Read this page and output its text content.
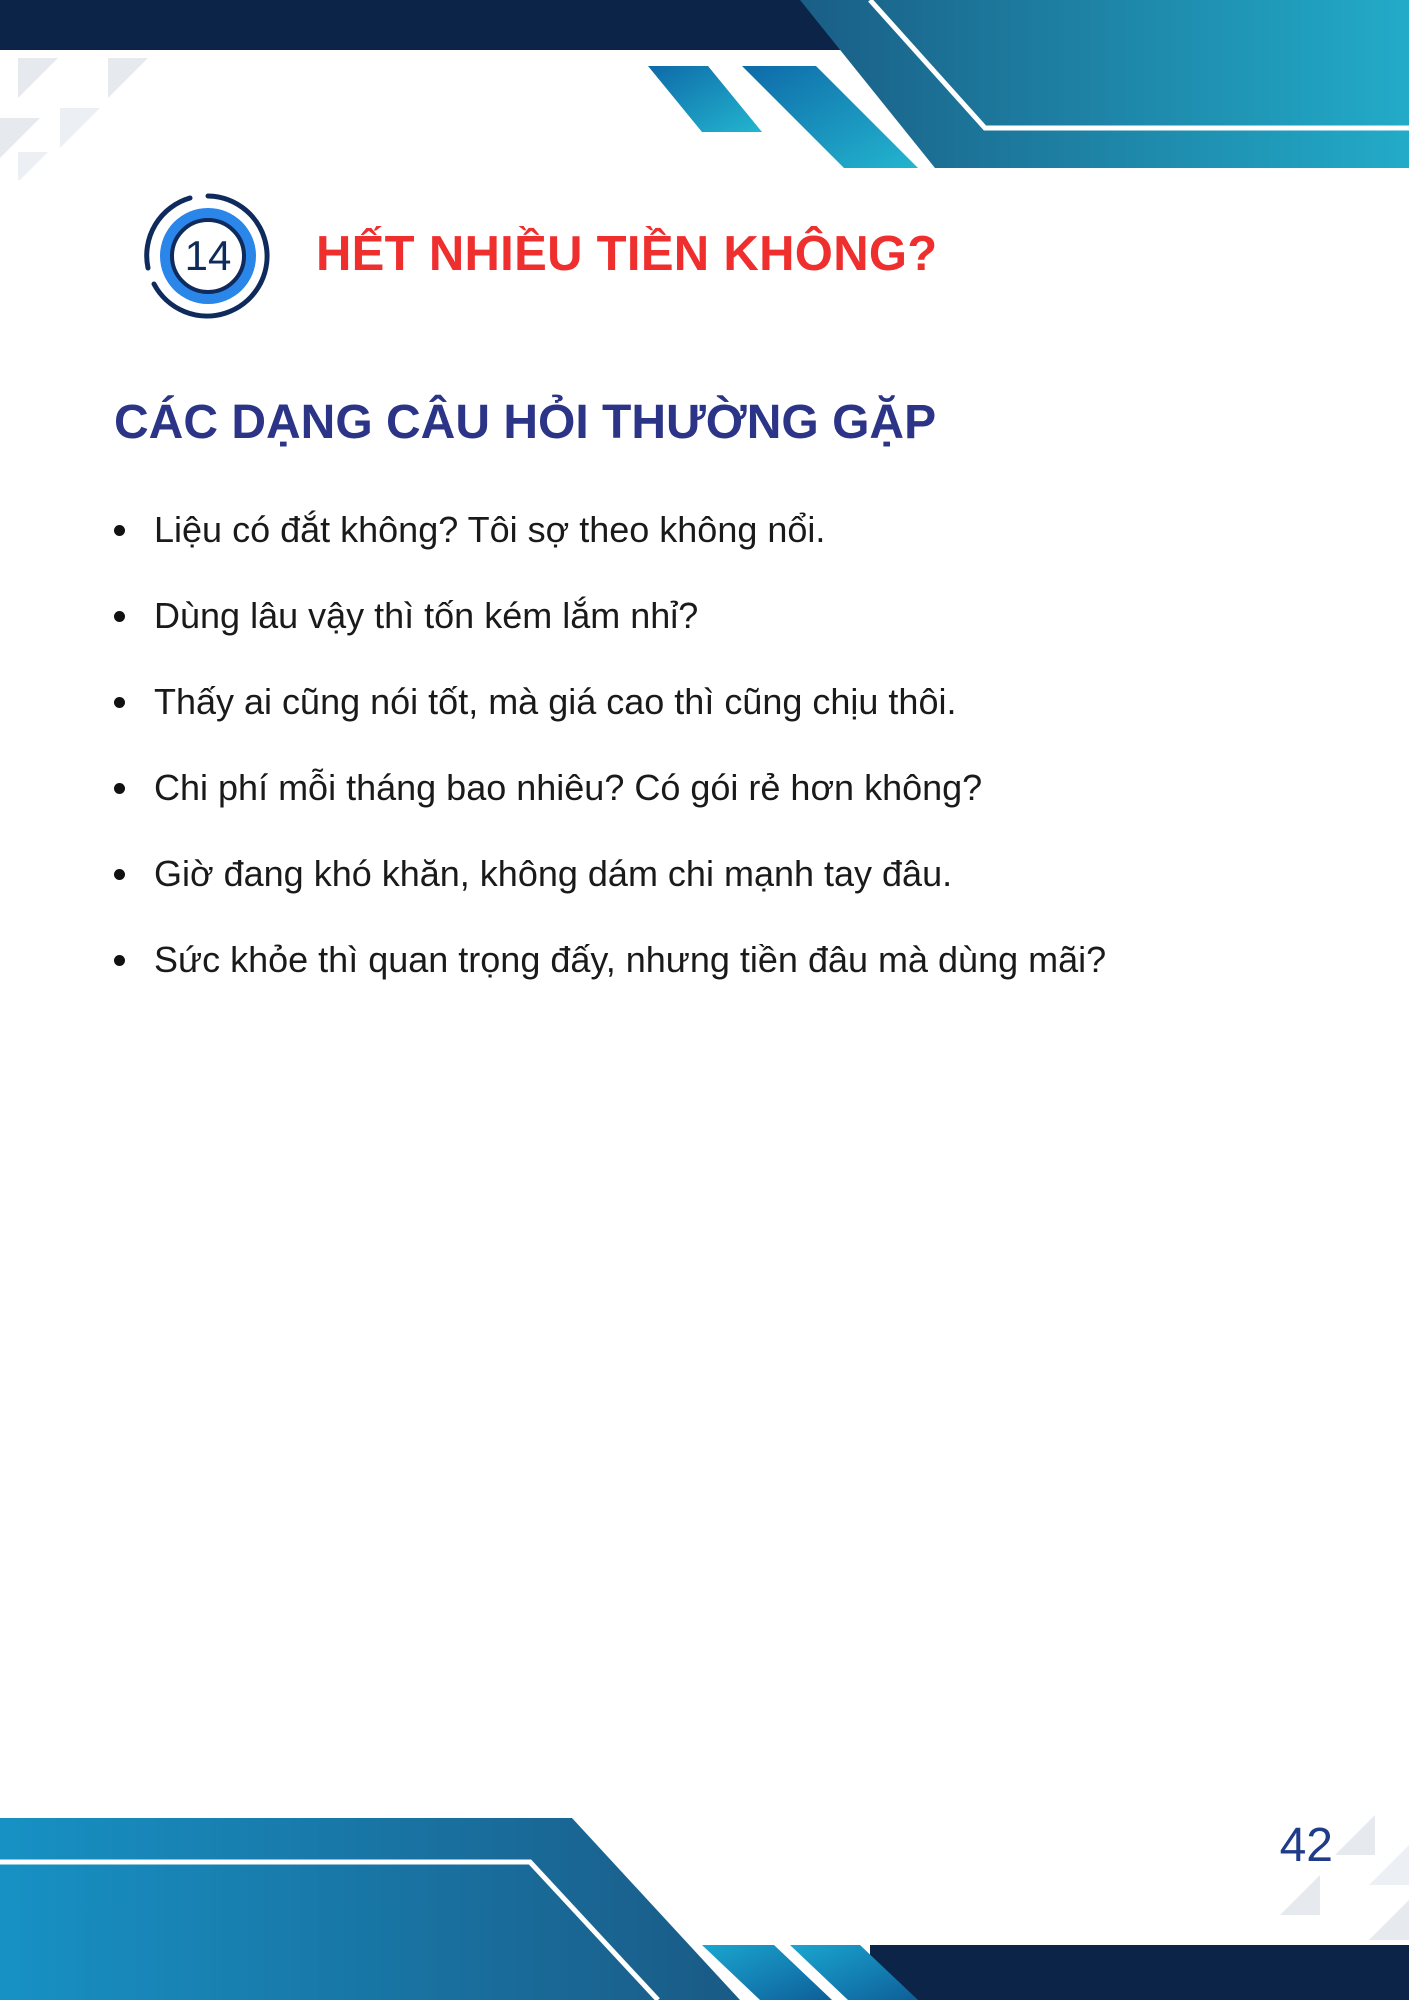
14	HẾT NHIỀU TIỀN KHÔNG?
CÁC DẠNG CÂU HỎI THƯỜNG GẶP
Liệu có đắt không? Tôi sợ theo không nổi.
Dùng lâu vậy thì tốn kém lắm nhỉ?
Thấy ai cũng nói tốt, mà giá cao thì cũng chịu thôi.
Chi phí mỗi tháng bao nhiêu? Có gói rẻ hơn không?
Giờ đang khó khăn, không dám chi mạnh tay đâu.
Sức khỏe thì quan trọng đấy, nhưng tiền đâu mà dùng mãi?
42
